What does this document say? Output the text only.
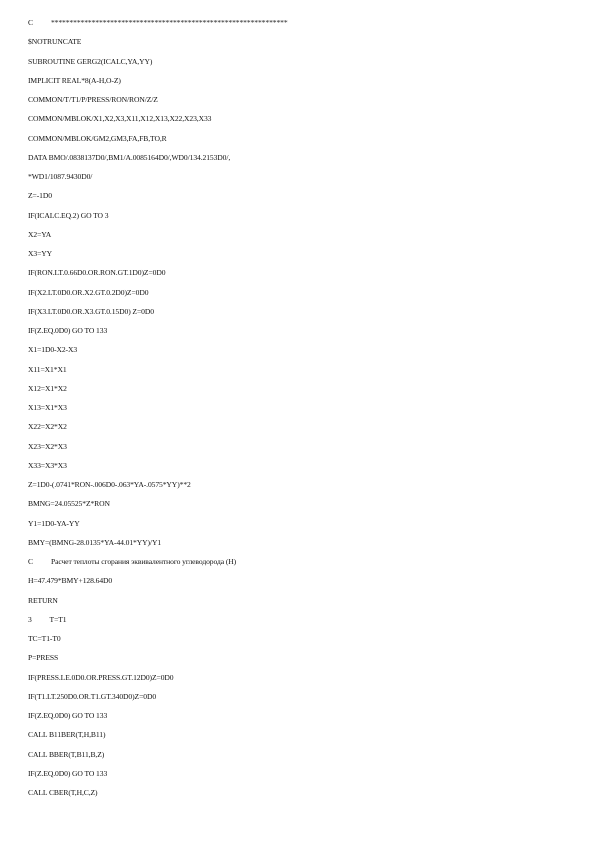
C          ****************************************************************
$NOTRUNCATE
SUBROUTINE GERG2(ICALC,YA,YY)
IMPLICIT REAL*8(A-H,O-Z)
COMMON/T/T1/P/PRESS/RON/RON/Z/Z
COMMON/MBLOK/X1,X2,X3,X11,X12,X13,X22,X23,X33
COMMON/MBLOK/GM2,GM3,FA,FB,TO,R
DATA BMO/.0838137D0/,BM1/A.0085164D0/,WD0/134.2153D0/,
*WD1/1087.9430D0/
Z=-1D0
IF(ICALC.EQ.2) GO TO 3
X2=YA
X3=YY
IF(RON.LT.0.66D0.OR.RON.GT.1D0)Z=0D0
IF(X2.LT.0D0.OR.X2.GT.0.2D0)Z=0D0
IF(X3.LT.0D0.OR.X3.GT.0.15D0) Z=0D0
IF(Z.EQ.0D0) GO TO 133
X1=1D0-X2-X3
X11=X1*X1
X12=X1*X2
X13=X1*X3
X22=X2*X2
X23=X2*X3
X33=X3*X3
Z=1D0-(.0741*RON-.006D0-.063*YA-.0575*YY)**2
BMNG=24.05525*Z*RON
Y1=1D0-YA-YY
BMY=(BMNG-28.0135*YA-44.01*YY)/Y1
C          Расчет теплоты сгорания эквивалентного углеводорода (H)
H=47.479*BMY+128.64D0
RETURN
3          T=T1
TC=T1-T0
P=PRESS
IF(PRESS.LE.0D0.OR.PRESS.GT.12D0)Z=0D0
IF(T1.LT.250D0.OR.T1.GT.340D0)Z=0D0
IF(Z.EQ.0D0) GO TO 133
CALL B11BER(T,H,B11)
CALL BBER(T,B11,B,Z)
IF(Z.EQ.0D0) GO TO 133
CALL CBER(T,H,C,Z)
